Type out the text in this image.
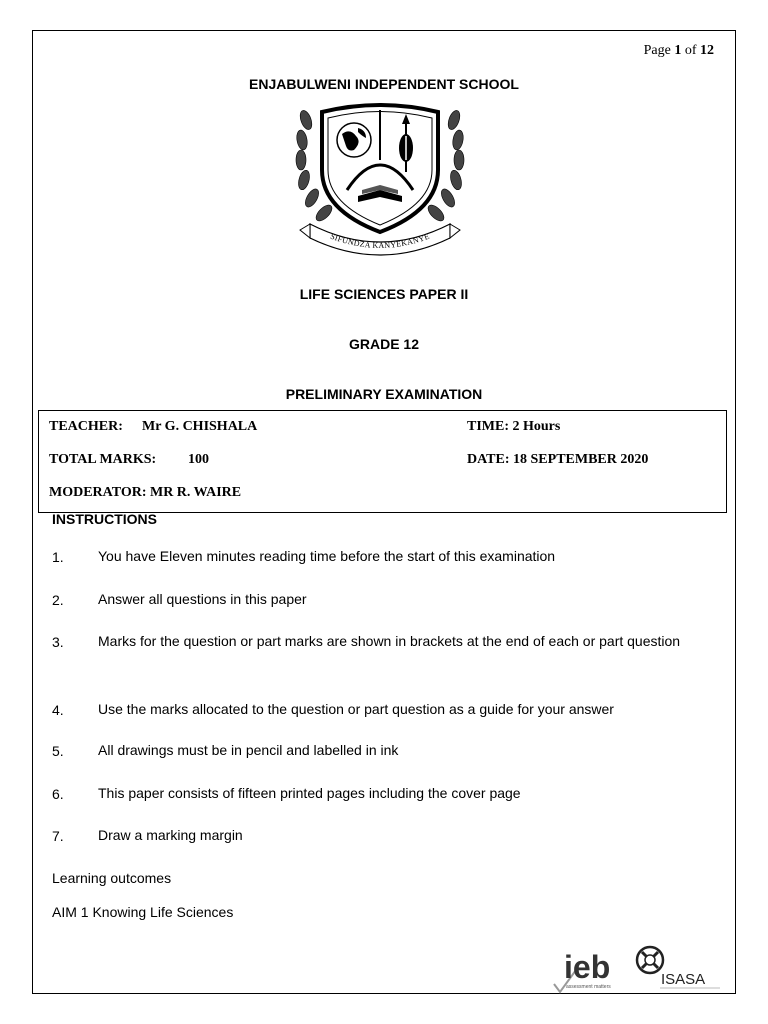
Page 1 of 12
ENJABULWENI INDEPENDENT SCHOOL
SIFUNDZA KANYEKANYE
LIFE SCIENCES PAPER II
GRADE 12
PRELIMINARY EXAMINATION
TEACHER: Mr G. CHISHALA	TIME: 2 Hours
TOTAL MARKS: 100	DATE: 18 SEPTEMBER 2020
MODERATOR: MR R. WAIRE
INSTRUCTIONS
1. You have Eleven minutes reading time before the start of this examination
2. Answer all questions in this paper
3. Marks for the question or part marks are shown in brackets at the end of each or part question
4. Use the marks allocated to the question or part question as a guide for your answer
5. All drawings must be in pencil and labelled in ink
6. This paper consists of fifteen printed pages including the cover page
7. Draw a marking margin
Learning outcomes
AIM 1 Knowing Life Sciences
ieb
assessment matters	ISASA
